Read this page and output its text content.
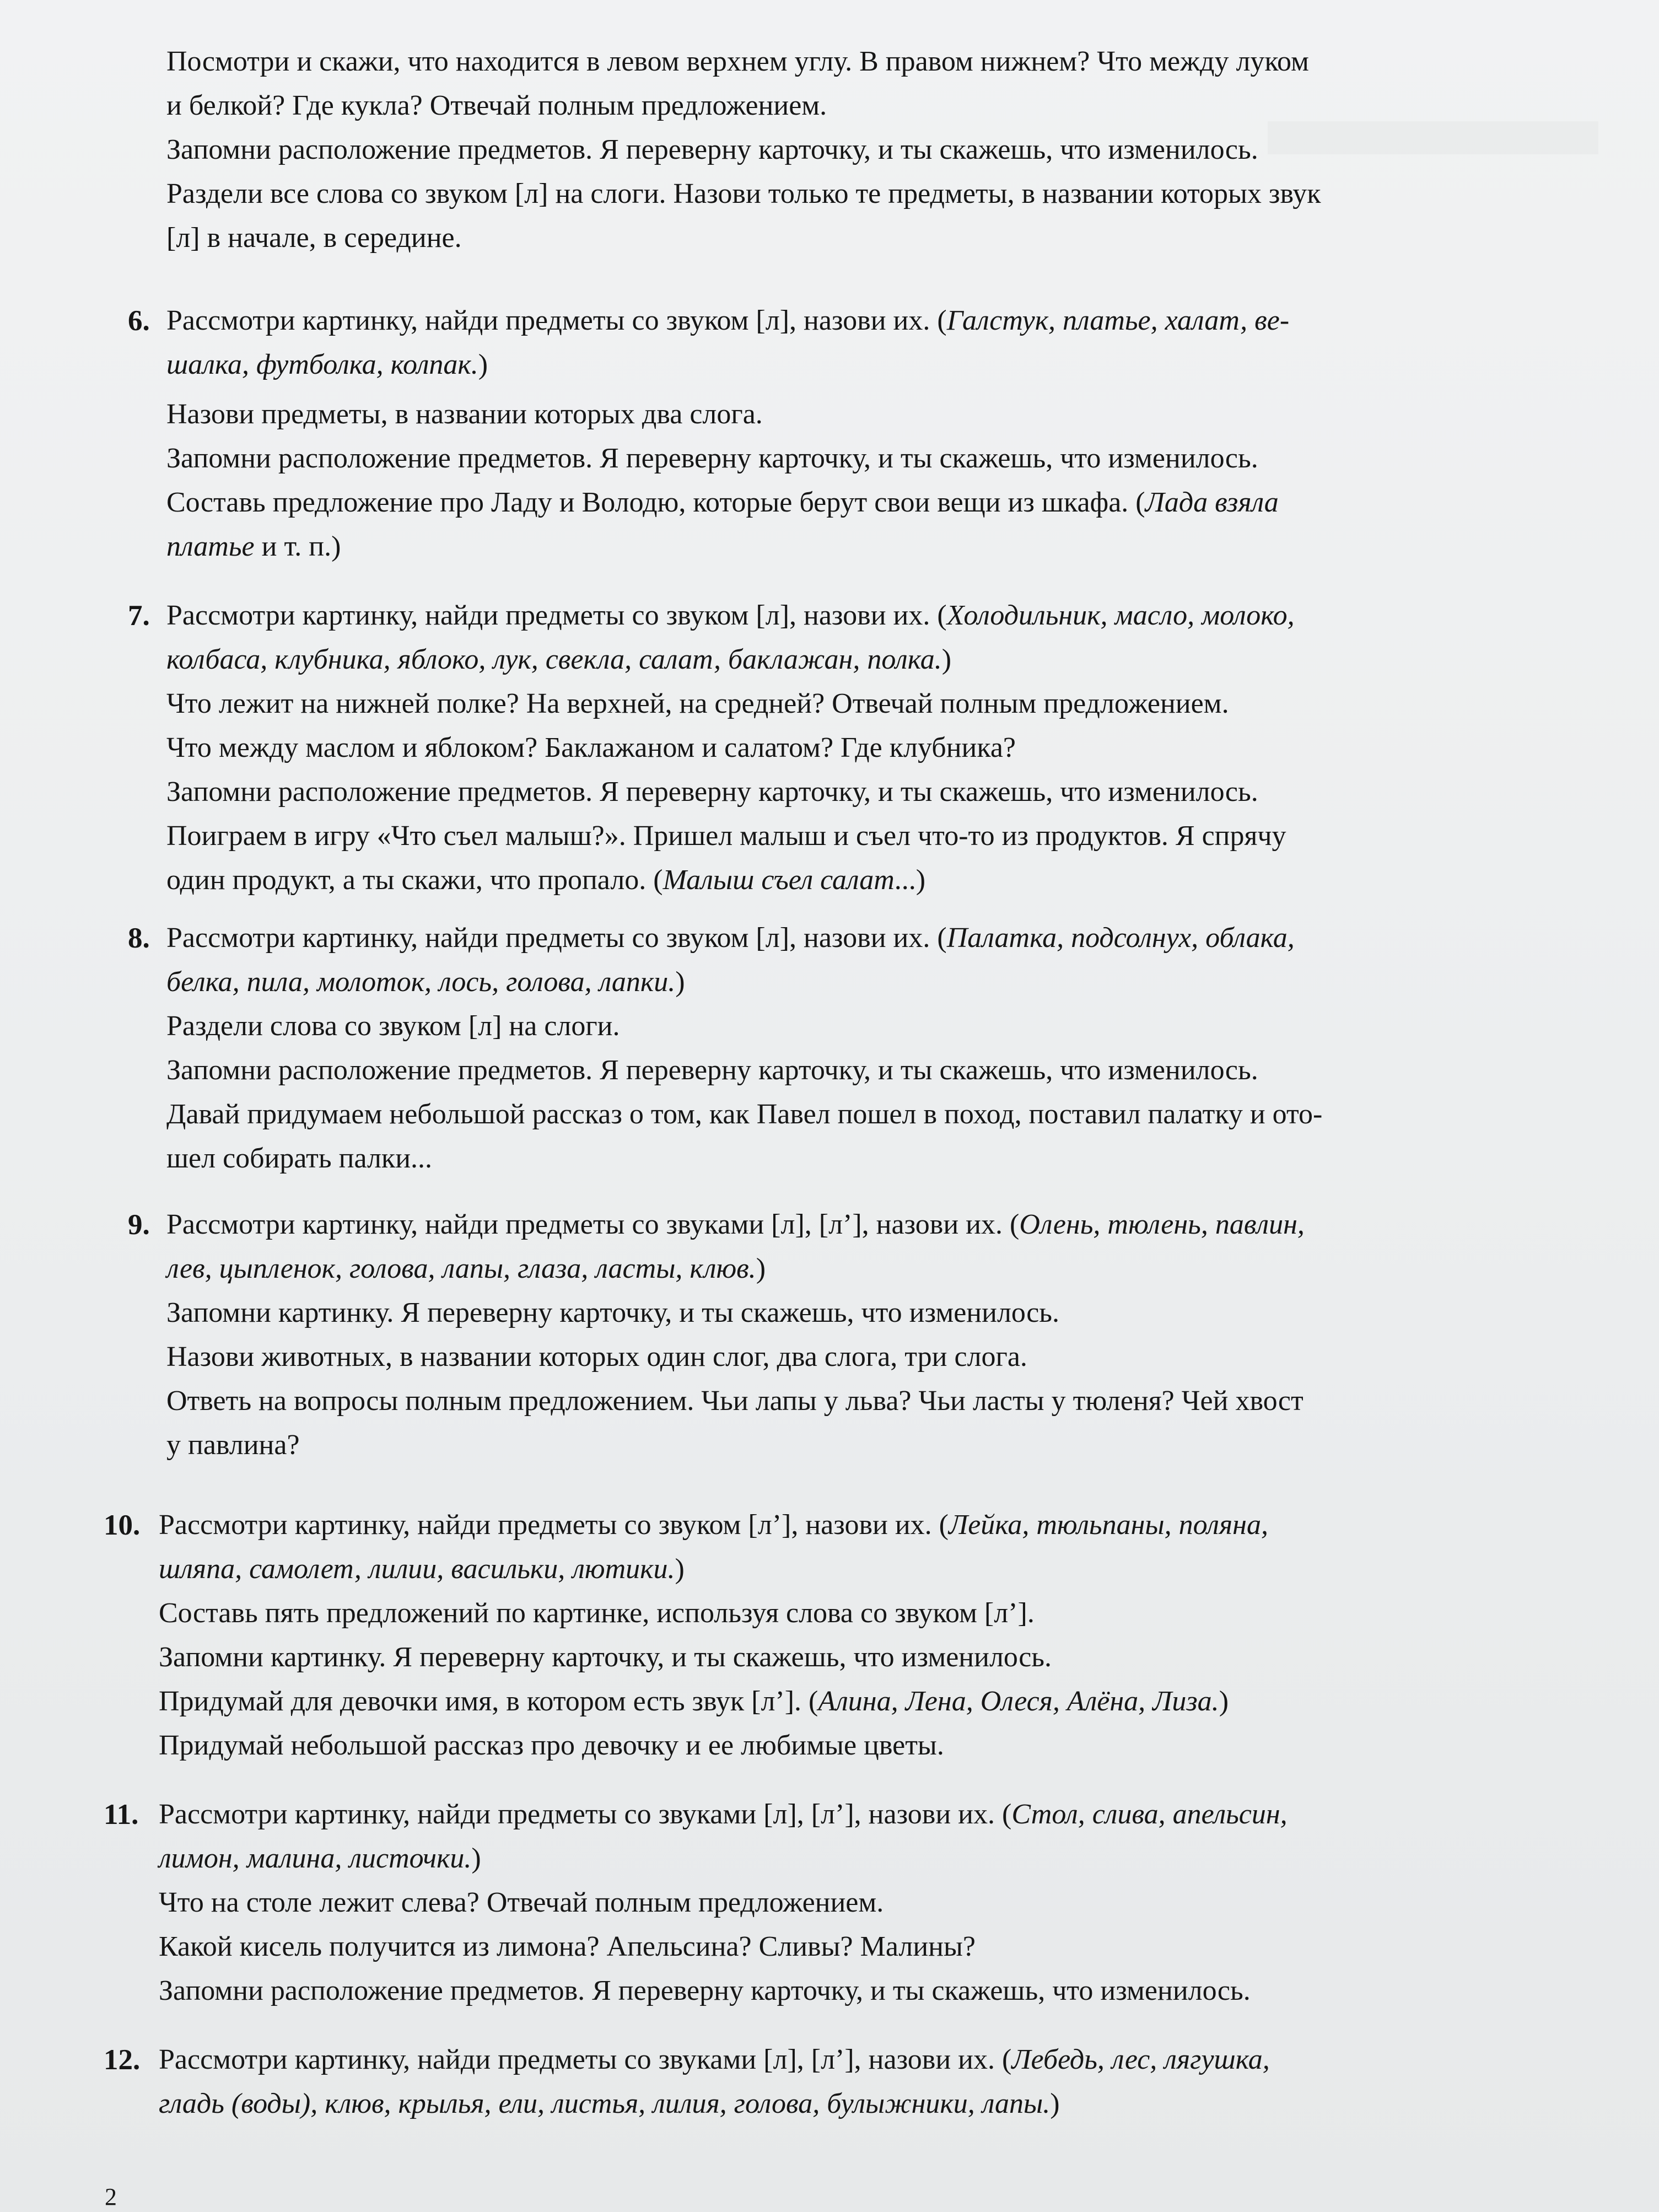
Посмотри и скажи, что находится в левом верхнем углу. В правом нижнем? Что между луком
и белкой? Где кукла? Отвечай полным предложением.
Запомни расположение предметов. Я переверну карточку, и ты скажешь, что изменилось.
Раздели все слова со звуком [л] на слоги. Назови только те предметы, в названии которых звук
[л] в начале, в середине.
6. Рассмотри картинку, найди предметы со звуком [л], назови их. (Галстук, платье, халат, ве-
шалка, футболка, колпак.)
Назови предметы, в названии которых два слога.
Запомни расположение предметов. Я переверну карточку, и ты скажешь, что изменилось.
Составь предложение про Ладу и Володю, которые берут свои вещи из шкафа. (Лада взяла
платье и т. п.)
7. Рассмотри картинку, найди предметы со звуком [л], назови их. (Холодильник, масло, молоко,
колбаса, клубника, яблоко, лук, свекла, салат, баклажан, полка.)
Что лежит на нижней полке? На верхней, на средней? Отвечай полным предложением.
Что между маслом и яблоком? Баклажаном и салатом? Где клубника?
Запомни расположение предметов. Я переверну карточку, и ты скажешь, что изменилось.
Поиграем в игру «Что съел малыш?». Пришел малыш и съел что-то из продуктов. Я спрячу
один продукт, а ты скажи, что пропало. (Малыш съел салат...)
8. Рассмотри картинку, найди предметы со звуком [л], назови их. (Палатка, подсолнух, облака,
белка, пила, молоток, лось, голова, лапки.)
Раздели слова со звуком [л] на слоги.
Запомни расположение предметов. Я переверну карточку, и ты скажешь, что изменилось.
Давай придумаем небольшой рассказ о том, как Павел пошел в поход, поставил палатку и ото-
шел собирать палки...
9. Рассмотри картинку, найди предметы со звуками [л], [л’], назови их. (Олень, тюлень, павлин,
лев, цыпленок, голова, лапы, глаза, ласты, клюв.)
Запомни картинку. Я переверну карточку, и ты скажешь, что изменилось.
Назови животных, в названии которых один слог, два слога, три слога.
Ответь на вопросы полным предложением. Чьи лапы у льва? Чьи ласты у тюленя? Чей хвост
у павлина?
10. Рассмотри картинку, найди предметы со звуком [л’], назови их. (Лейка, тюльпаны, поляна,
шляпа, самолет, лилии, васильки, лютики.)
Составь пять предложений по картинке, используя слова со звуком [л’].
Запомни картинку. Я переверну карточку, и ты скажешь, что изменилось.
Придумай для девочки имя, в котором есть звук [л’]. (Алина, Лена, Олеся, Алёна, Лиза.)
Придумай небольшой рассказ про девочку и ее любимые цветы.
11. Рассмотри картинку, найди предметы со звуками [л], [л’], назови их. (Стол, слива, апельсин,
лимон, малина, листочки.)
Что на столе лежит слева? Отвечай полным предложением.
Какой кисель получится из лимона? Апельсина? Сливы? Малины?
Запомни расположение предметов. Я переверну карточку, и ты скажешь, что изменилось.
12. Рассмотри картинку, найди предметы со звуками [л], [л’], назови их. (Лебедь, лес, лягушка,
гладь (воды), клюв, крылья, ели, листья, лилия, голова, булыжники, лапы.)
2
